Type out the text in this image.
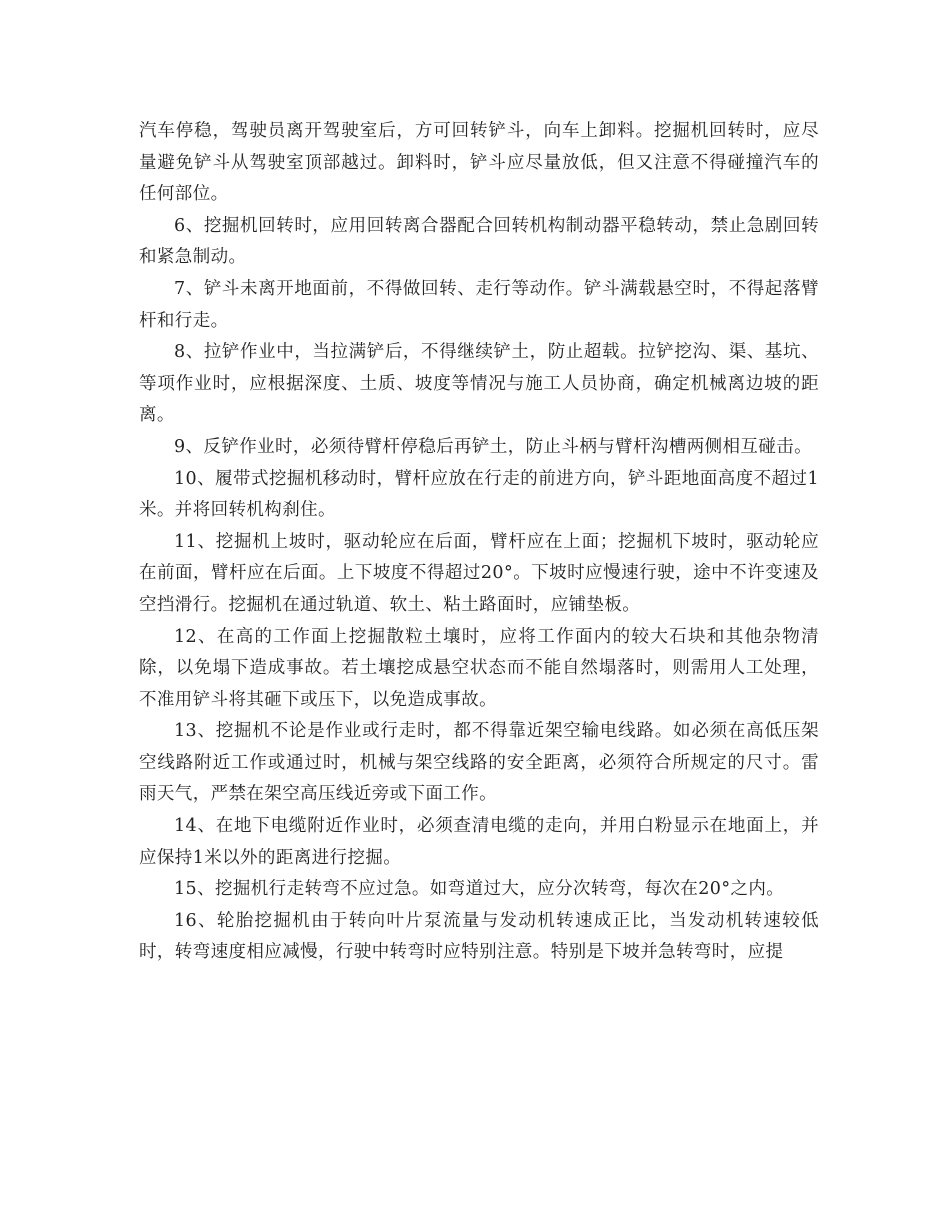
汽车停稳，驾驶员离开驾驶室后，方可回转铲斗，向车上卸料。挖掘机回转时，应尽量避免铲斗从驾驶室顶部越过。卸料时，铲斗应尽量放低，但又注意不得碰撞汽车的任何部位。

6、挖掘机回转时，应用回转离合器配合回转机构制动器平稳转动，禁止急剧回转和紧急制动。

7、铲斗未离开地面前，不得做回转、走行等动作。铲斗满载悬空时，不得起落臂杆和行走。

8、拉铲作业中，当拉满铲后，不得继续铲土，防止超载。拉铲挖沟、渠、基坑、等项作业时，应根据深度、土质、坡度等情况与施工人员协商，确定机械离边坡的距离。

9、反铲作业时，必须待臂杆停稳后再铲土，防止斗柄与臂杆沟槽两侧相互碰击。

10、履带式挖掘机移动时，臂杆应放在行走的前进方向，铲斗距地面高度不超过1米。并将回转机构刹住。

11、挖掘机上坡时，驱动轮应在后面，臂杆应在上面；挖掘机下坡时，驱动轮应在前面，臂杆应在后面。上下坡度不得超过20°。下坡时应慢速行驶，途中不许变速及空挡滑行。挖掘机在通过轨道、软土、粘土路面时，应铺垫板。

12、在高的工作面上挖掘散粒土壤时，应将工作面内的较大石块和其他杂物清除，以免塌下造成事故。若土壤挖成悬空状态而不能自然塌落时，则需用人工处理，不准用铲斗将其砸下或压下，以免造成事故。

13、挖掘机不论是作业或行走时，都不得靠近架空输电线路。如必须在高低压架空线路附近工作或通过时，机械与架空线路的安全距离，必须符合所规定的尺寸。雷雨天气，严禁在架空高压线近旁或下面工作。

14、在地下电缆附近作业时，必须查清电缆的走向，并用白粉显示在地面上，并应保持1米以外的距离进行挖掘。

15、挖掘机行走转弯不应过急。如弯道过大，应分次转弯，每次在20°之内。

16、轮胎挖掘机由于转向叶片泵流量与发动机转速成正比，当发动机转速较低时，转弯速度相应减慢，行驶中转弯时应特别注意。特别是下坡并急转弯时，应提
